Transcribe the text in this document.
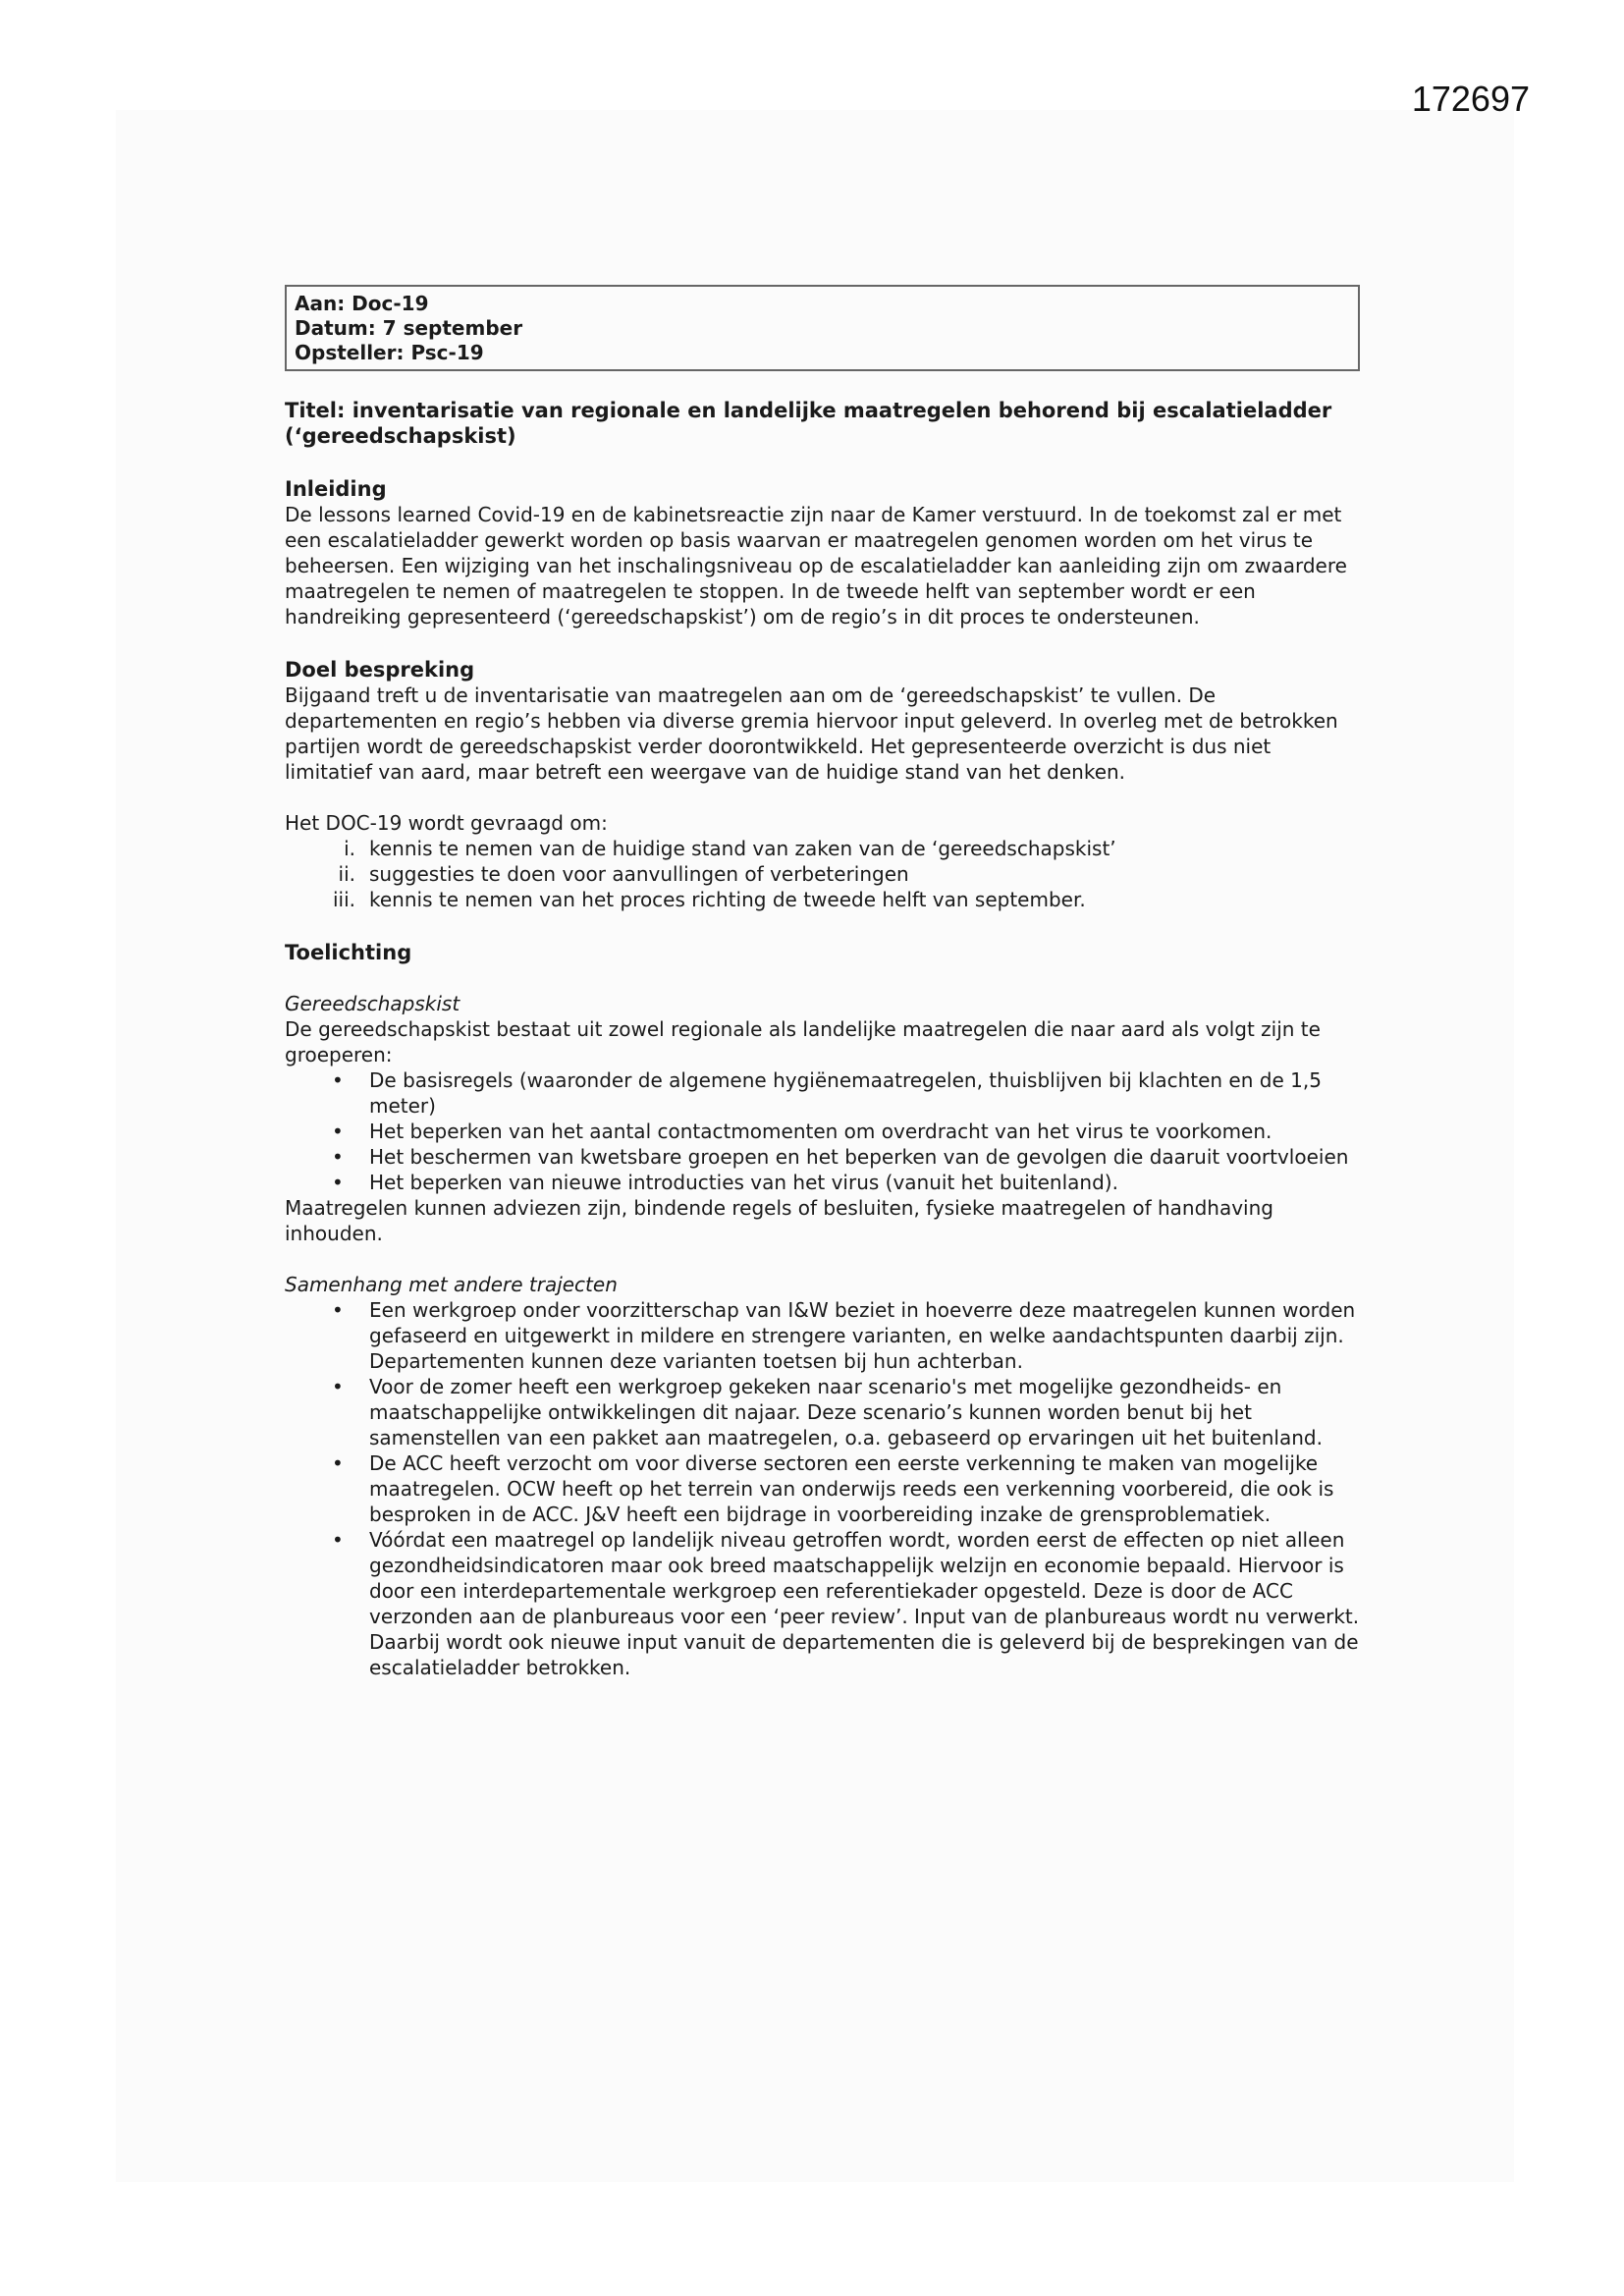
172697
Aan: Doc-19
Datum: 7 september
Opsteller: Psc-19
Titel: inventarisatie van regionale en landelijke maatregelen behorend bij escalatieladder (‘gereedschapskist)
Inleiding

De lessons learned Covid-19 en de kabinetsreactie zijn naar de Kamer verstuurd. In de toekomst zal er met een escalatieladder gewerkt worden op basis waarvan er maatregelen genomen worden om het virus te beheersen. Een wijziging van het inschalingsniveau op de escalatieladder kan aanleiding zijn om zwaardere maatregelen te nemen of maatregelen te stoppen. In de tweede helft van september wordt er een handreiking gepresenteerd (‘gereedschapskist’) om de regio’s in dit proces te ondersteunen.

Doel bespreking

Bijgaand treft u de inventarisatie van maatregelen aan om de ‘gereedschapskist’ te vullen. De departementen en regio’s hebben via diverse gremia hiervoor input geleverd. In overleg met de betrokken partijen wordt de gereedschapskist verder doorontwikkeld. Het gepresenteerde overzicht is dus niet limitatief van aard, maar betreft een weergave van de huidige stand van het denken.

Het DOC-19 wordt gevraagd om:

i. kennis te nemen van de huidige stand van zaken van de ‘gereedschapskist’
ii. suggesties te doen voor aanvullingen of verbeteringen
iii. kennis te nemen van het proces richting de tweede helft van september.
Toelichting
Gereedschapskist

De gereedschapskist bestaat uit zowel regionale als landelijke maatregelen die naar aard als volgt zijn te groeperen:

• De basisregels (waaronder de algemene hygiënemaatregelen, thuisblijven bij klachten en de 1,5 meter)
• Het beperken van het aantal contactmomenten om overdracht van het virus te voorkomen.
• Het beschermen van kwetsbare groepen en het beperken van de gevolgen die daaruit voortvloeien
• Het beperken van nieuwe introducties van het virus (vanuit het buitenland).

Maatregelen kunnen adviezen zijn, bindende regels of besluiten, fysieke maatregelen of handhaving inhouden.

Samenhang met andere trajecten
• Een werkgroep onder voorzitterschap van I&W beziet in hoeverre deze maatregelen kunnen worden gefaseerd en uitgewerkt in mildere en strengere varianten, en welke aandachtspunten daarbij zijn. Departementen kunnen deze varianten toetsen bij hun achterban.
• Voor de zomer heeft een werkgroep gekeken naar scenario's met mogelijke gezondheids- en maatschappelijke ontwikkelingen dit najaar. Deze scenario’s kunnen worden benut bij het samenstellen van een pakket aan maatregelen, o.a. gebaseerd op ervaringen uit het buitenland.
• De ACC heeft verzocht om voor diverse sectoren een eerste verkenning te maken van mogelijke maatregelen. OCW heeft op het terrein van onderwijs reeds een verkenning voorbereid, die ook is besproken in de ACC. J&V heeft een bijdrage in voorbereiding inzake de grensproblematiek.
• Vóórdat een maatregel op landelijk niveau getroffen wordt, worden eerst de effecten op niet alleen gezondheidsindicatoren maar ook breed maatschappelijk welzijn en economie bepaald. Hiervoor is door een interdepartementale werkgroep een referentiekader opgesteld. Deze is door de ACC verzonden aan de planbureaus voor een ‘peer review’. Input van de planbureaus wordt nu verwerkt. Daarbij wordt ook nieuwe input vanuit de departementen die is geleverd bij de besprekingen van de escalatieladder betrokken.
